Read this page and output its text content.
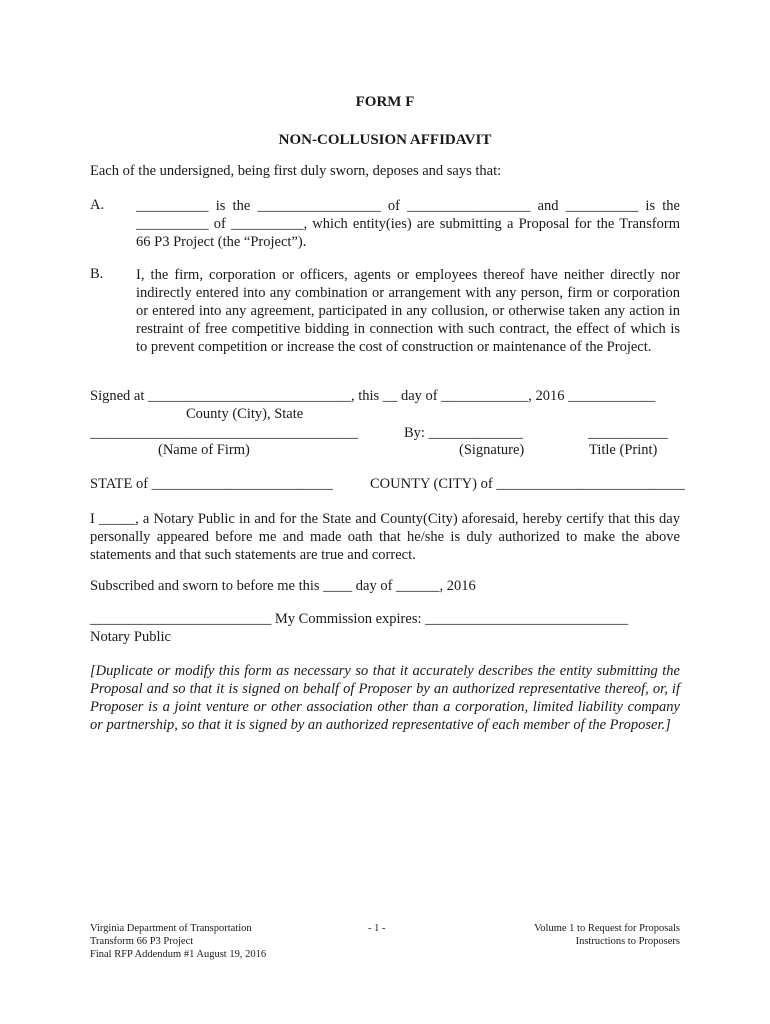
FORM F
NON-COLLUSION AFFIDAVIT
Each of the undersigned, being first duly sworn, deposes and says that:
A. __________ is the _________________ of _________________ and __________ is the __________ of __________, which entity(ies) are submitting a Proposal for the Transform 66 P3 Project (the “Project”).
B. I, the firm, corporation or officers, agents or employees thereof have neither directly nor indirectly entered into any combination or arrangement with any person, firm or corporation or entered into any agreement, participated in any collusion, or otherwise taken any action in restraint of free competitive bidding in connection with such contract, the effect of which is to prevent competition or increase the cost of construction or maintenance of the Project.
Signed at ____________________________, this __ day of ____________, 2016 ____________
County (City), State
_____________________________________	By: _____________	___________
(Name of Firm)	(Signature)	Title (Print)
STATE of _________________________	COUNTY (CITY) of __________________________
I _____, a Notary Public in and for the State and County(City) aforesaid, hereby certify that this day personally appeared before me and made oath that he/she is duly authorized to make the above statements and that such statements are true and correct.
Subscribed and sworn to before me this ____ day of ______, 2016
_________________________ My Commission expires: ____________________________
Notary Public
[Duplicate or modify this form as necessary so that it accurately describes the entity submitting the Proposal and so that it is signed on behalf of Proposer by an authorized representative thereof, or, if Proposer is a joint venture or other association other than a corporation, limited liability company or partnership, so that it is signed by an authorized representative of each member of the Proposer.]
Virginia Department of Transportation
Transform 66 P3 Project
Final RFP Addendum #1 August 19, 2016
- 1 -	Volume 1 to Request for Proposals
Instructions to Proposers
